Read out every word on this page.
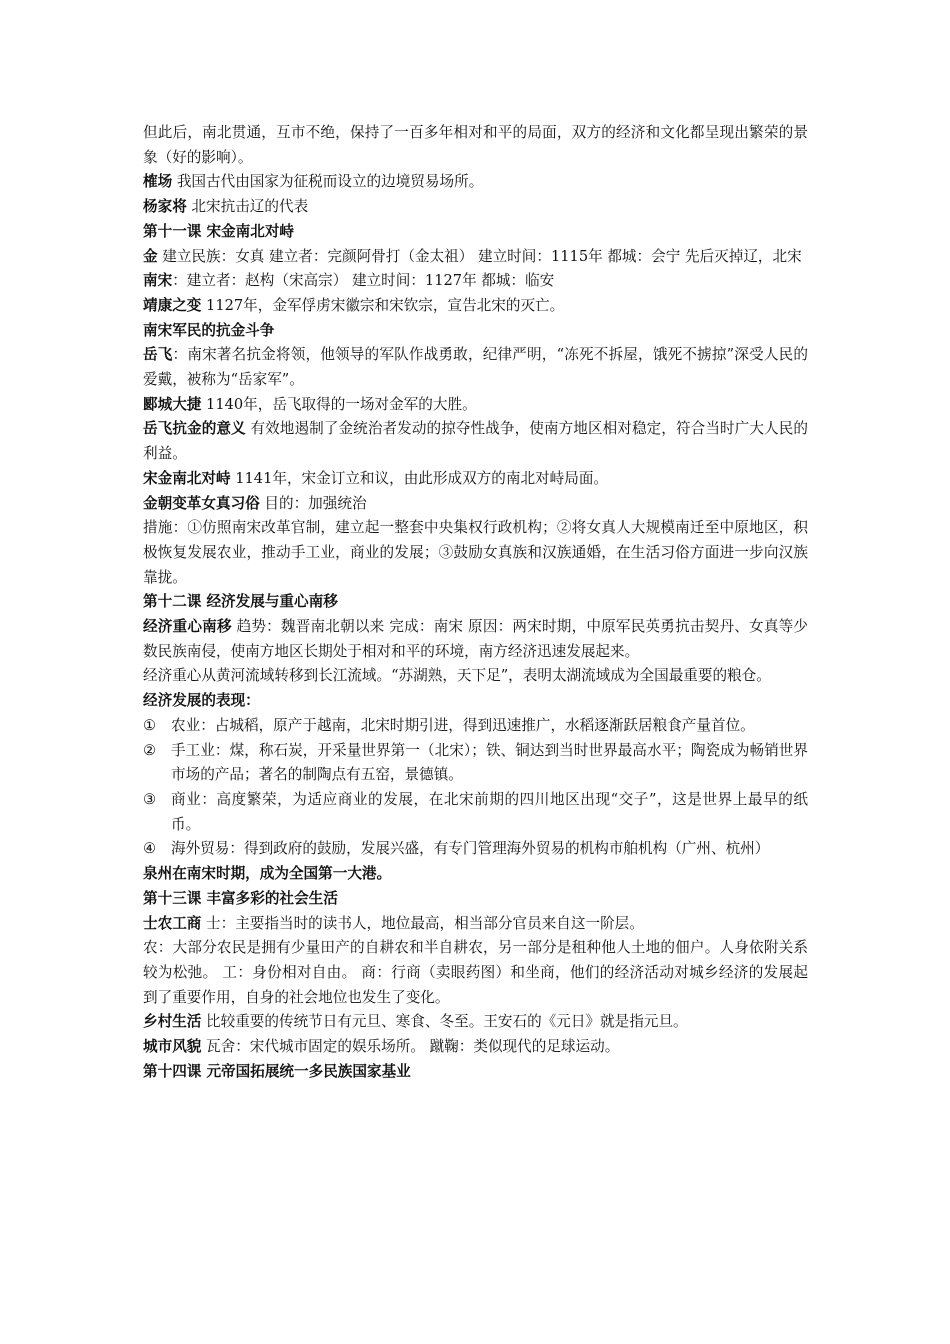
但此后，南北贯通，互市不绝，保持了一百多年相对和平的局面，双方的经济和文化都呈现出繁荣的景象（好的影响）。

榷场 我国古代由国家为征税而设立的边境贸易场所。

杨家将 北宋抗击辽的代表

第十一课 宋金南北对峙

金 建立民族：女真 建立者：完颜阿骨打（金太祖） 建立时间：1115年 都城：会宁 先后灭掉辽，北宋

南宋：建立者：赵构（宋高宗） 建立时间：1127年 都城：临安

靖康之变 1127年，金军俘虏宋徽宗和宋钦宗，宣告北宋的灭亡。

南宋军民的抗金斗争

岳飞：南宋著名抗金将领，他领导的军队作战勇敢，纪律严明，“冻死不拆屋，饿死不掳掠”深受人民的爱戴，被称为“岳家军”。

郾城大捷 1140年，岳飞取得的一场对金军的大胜。

岳飞抗金的意义 有效地遏制了金统治者发动的掠夺性战争，使南方地区相对稳定，符合当时广大人民的利益。

宋金南北对峙 1141年，宋金订立和议，由此形成双方的南北对峙局面。

金朝变革女真习俗 目的：加强统治

措施：①仿照南宋改革官制，建立起一整套中央集权行政机构；②将女真人大规模南迁至中原地区，积极恢复发展农业，推动手工业，商业的发展；③鼓励女真族和汉族通婚，在生活习俗方面进一步向汉族靠拢。

第十二课 经济发展与重心南移

经济重心南移 趋势：魏晋南北朝以来 完成：南宋 原因：两宋时期，中原军民英勇抗击契丹、女真等少数民族南侵，使南方地区长期处于相对和平的环境，南方经济迅速发展起来。

经济重心从黄河流域转移到长江流域。“苏湖熟，天下足”，表明太湖流域成为全国最重要的粮仓。

经济发展的表现：

①	农业：占城稻，原产于越南，北宋时期引进，得到迅速推广，水稻逐渐跃居粮食产量首位。
②	手工业：煤，称石炭，开采量世界第一（北宋）；铁、铜达到当时世界最高水平；陶瓷成为畅销世界市场的产品；著名的制陶点有五窑，景德镇。
③	商业：高度繁荣，为适应商业的发展，在北宋前期的四川地区出现“交子”，这是世界上最早的纸币。
④	海外贸易：得到政府的鼓励，发展兴盛，有专门管理海外贸易的机构市舶机构（广州、杭州）

泉州在南宋时期，成为全国第一大港。

第十三课 丰富多彩的社会生活

士农工商 士：主要指当时的读书人，地位最高，相当部分官员来自这一阶层。

农：大部分农民是拥有少量田产的自耕农和半自耕农，另一部分是租种他人土地的佃户。人身依附关系较为松弛。 工：身份相对自由。 商：行商（卖眼药图）和坐商，他们的经济活动对城乡经济的发展起到了重要作用，自身的社会地位也发生了变化。

乡村生活 比较重要的传统节日有元旦、寒食、冬至。王安石的《元日》就是指元旦。

城市风貌 瓦舍：宋代城市固定的娱乐场所。 蹴鞠：类似现代的足球运动。

第十四课 元帝国拓展统一多民族国家基业
